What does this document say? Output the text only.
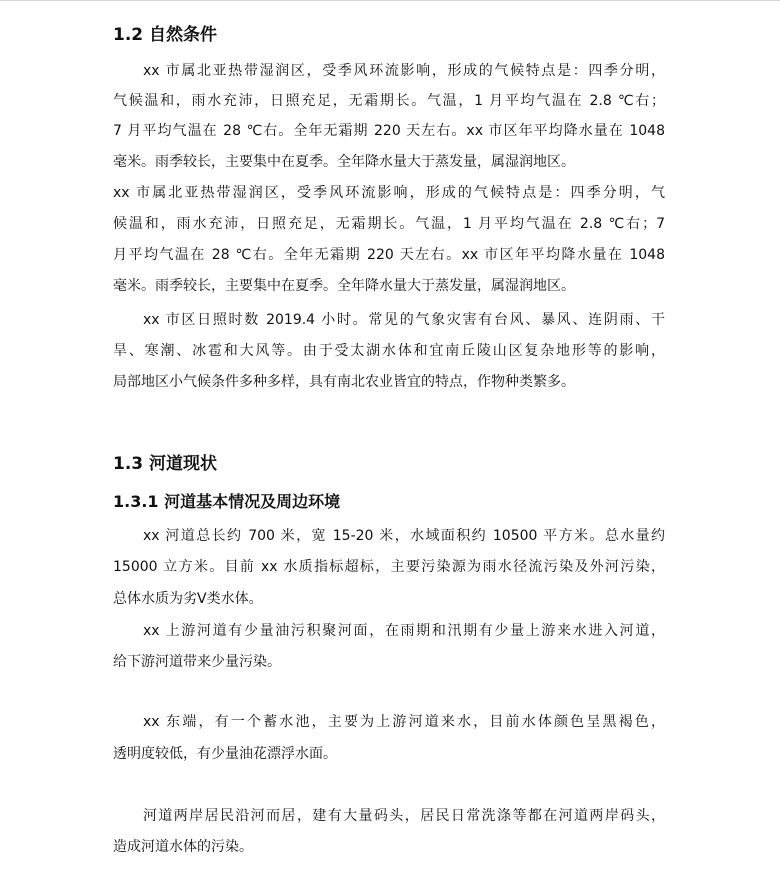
1.2 自然条件
xx 市属北亚热带湿润区，受季风环流影响，形成的气候特点是：四季分明，
气候温和，雨水充沛，日照充足，无霜期长。气温，1 月平均气温在 2.8 ℃右；
7 月平均气温在 28 ℃右。全年无霜期 220 天左右。xx 市区年平均降水量在 1048
毫米。雨季较长，主要集中在夏季。全年降水量大于蒸发量，属湿润地区。
xx 市属北亚热带湿润区，受季风环流影响，形成的气候特点是：四季分明，气
候温和，雨水充沛，日照充足，无霜期长。气温，1 月平均气温在 2.8 ℃右；7
月平均气温在 28 ℃右。全年无霜期 220 天左右。xx 市区年平均降水量在 1048
毫米。雨季较长，主要集中在夏季。全年降水量大于蒸发量，属湿润地区。
xx 市区日照时数 2019.4 小时。常见的气象灾害有台风、暴风、连阴雨、干
旱、寒潮、冰雹和大风等。由于受太湖水体和宜南丘陵山区复杂地形等的影响，
局部地区小气候条件多种多样，具有南北农业皆宜的特点，作物种类繁多。
1.3 河道现状
1.3.1 河道基本情况及周边环境
xx 河道总长约 700 米，宽 15-20 米，水域面积约 10500 平方米。总水量约
15000 立方米。目前 xx 水质指标超标，主要污染源为雨水径流污染及外河污染，
总体水质为劣Ⅴ类水体。
xx 上游河道有少量油污积聚河面，在雨期和汛期有少量上游来水进入河道，
给下游河道带来少量污染。
xx 东端，有一个蓄水池，主要为上游河道来水，目前水体颜色呈黑褐色，
透明度较低，有少量油花漂浮水面。
河道两岸居民沿河而居，建有大量码头，居民日常洗涤等都在河道两岸码头，
造成河道水体的污染。
